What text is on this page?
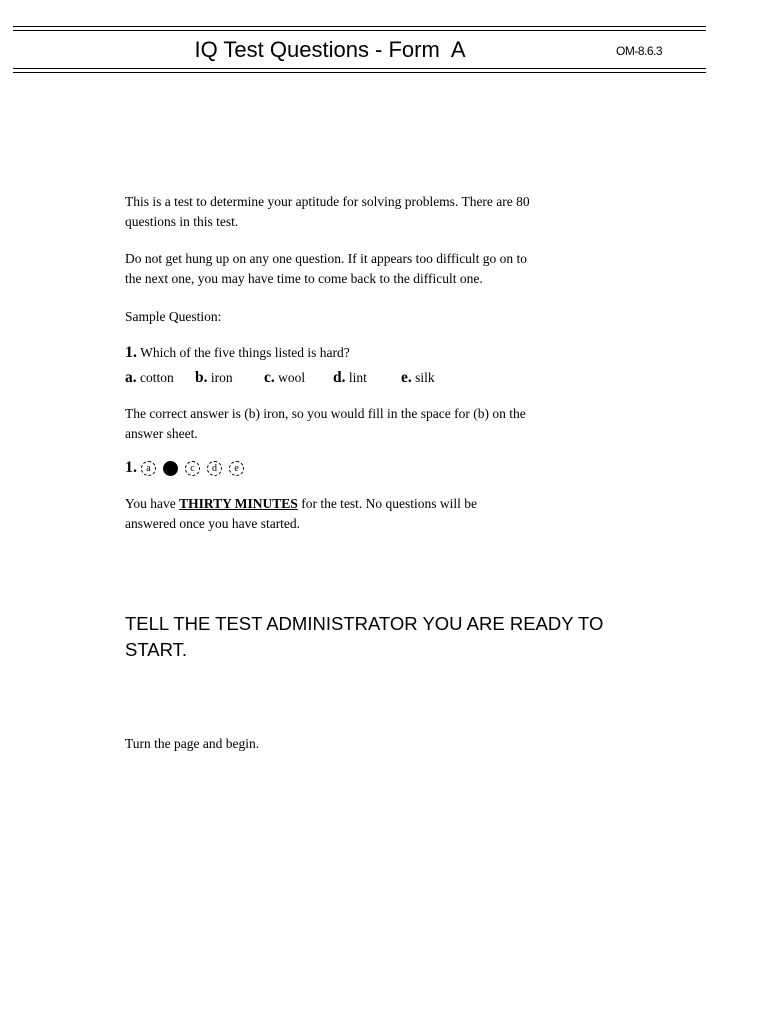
IQ Test Questions - Form  A	OM-8.6.3
This is a test to determine your aptitude for solving problems. There are 80 questions in this test.
Do not get hung up on any one question. If it appears too difficult go on to the next one, you may have time to come back to the difficult one.
Sample Question:
1. Which of the five things listed is hard?
a. cotton b. iron c. wool d. lint e. silk
The correct answer is (b) iron, so you would fill in the space for (b) on the answer sheet.
1. a b c d e
You have THIRTY MINUTES for the test. No questions will be answered once you have started.
TELL THE TEST ADMINISTRATOR YOU ARE READY TO START.
Turn the page and begin.
